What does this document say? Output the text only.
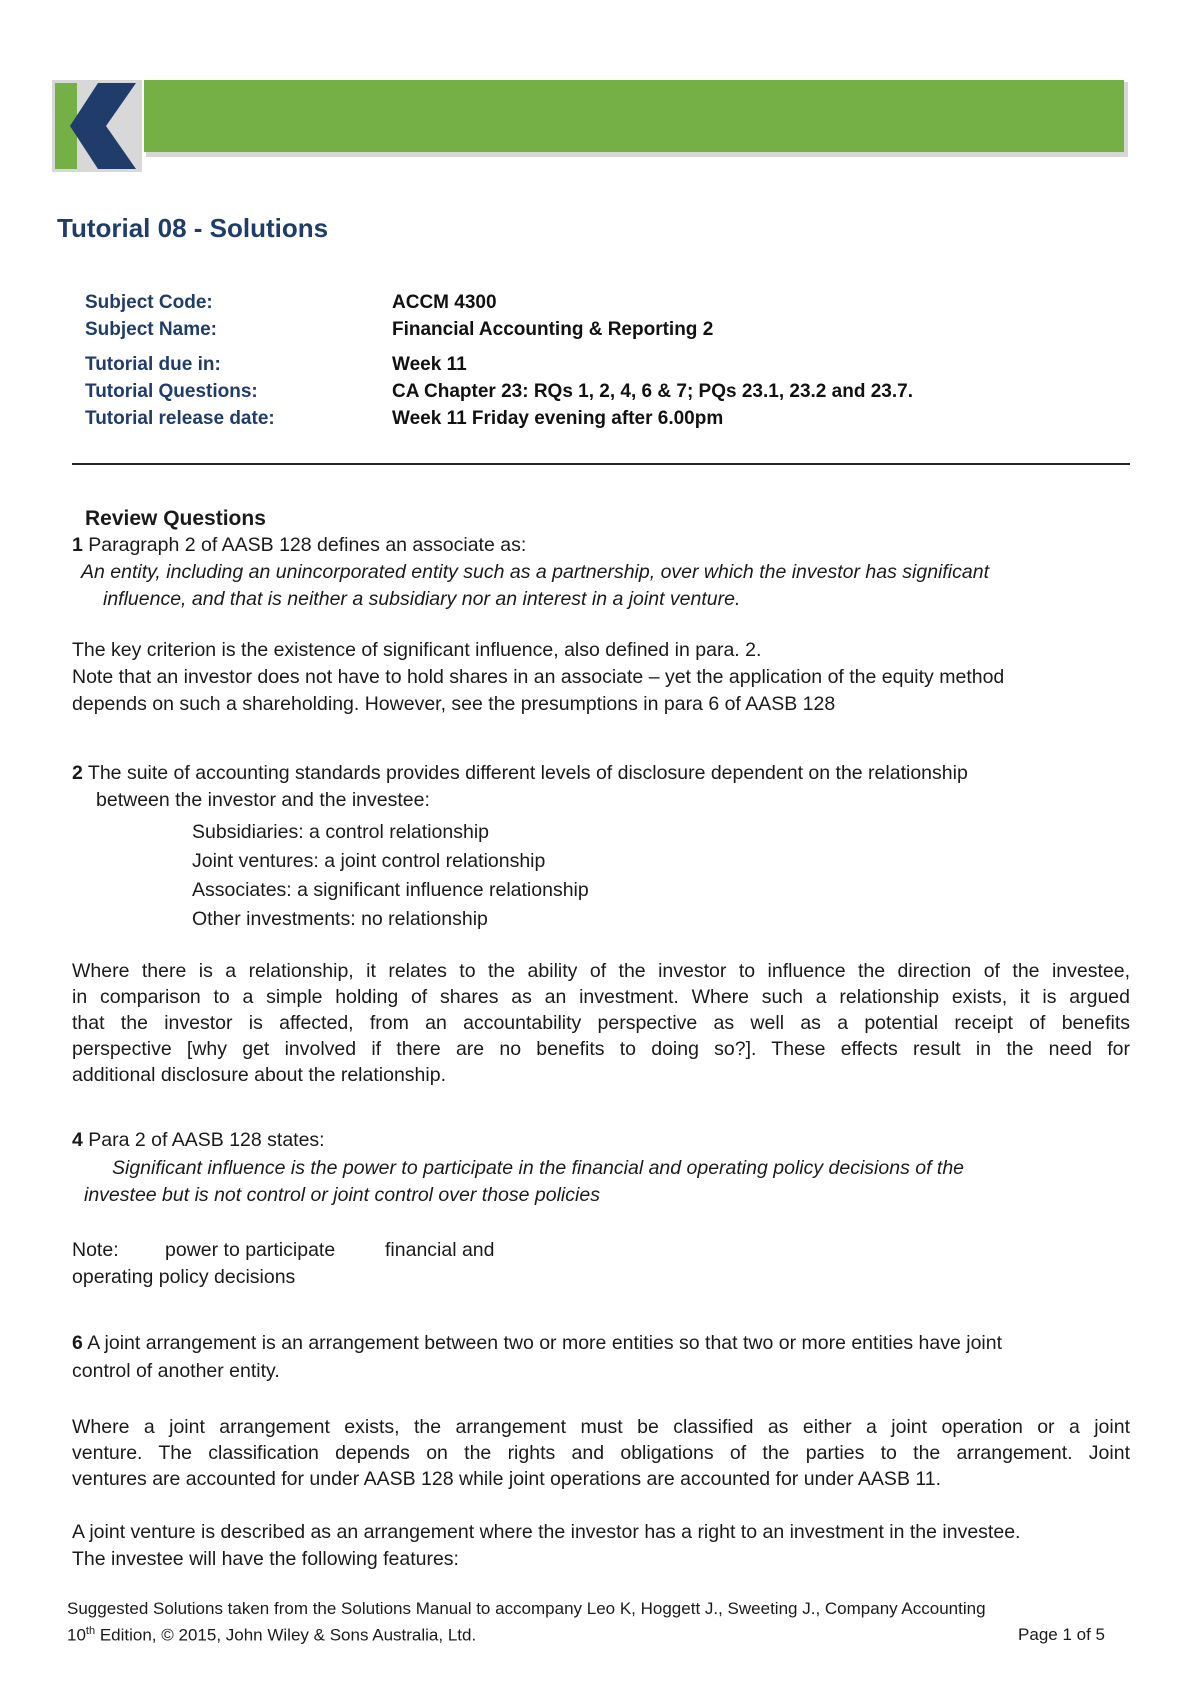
Tutorial 08 - Solutions
Subject Code:	ACCM 4300
Subject Name:	Financial Accounting & Reporting 2
Tutorial due in:	Week 11
Tutorial Questions:	CA Chapter 23: RQs 1, 2, 4, 6 & 7; PQs 23.1, 23.2 and 23.7.
Tutorial release date:	Week 11 Friday evening after 6.00pm
Review Questions
1 Paragraph 2 of AASB 128 defines an associate as:
An entity, including an unincorporated entity such as a partnership, over which the investor has significant
influence, and that is neither a subsidiary nor an interest in a joint venture.
The key criterion is the existence of significant influence, also defined in para. 2.
Note that an investor does not have to hold shares in an associate – yet the application of the equity method
depends on such a shareholding. However, see the presumptions in para 6 of AASB 128
2 The suite of accounting standards provides different levels of disclosure dependent on the relationship
between the investor and the investee:
Subsidiaries: a control relationship
Joint ventures: a joint control relationship
Associates: a significant influence relationship
Other investments: no relationship
Where there is a relationship, it relates to the ability of the investor to influence the direction of the investee,
in comparison to a simple holding of shares as an investment. Where such a relationship exists, it is argued
that the investor is affected, from an accountability perspective as well as a potential receipt of benefits
perspective [why get involved if there are no benefits to doing so?]. These effects result in the need for
additional disclosure about the relationship.
4 Para 2 of AASB 128 states:
Significant influence is the power to participate in the financial and operating policy decisions of the
investee but is not control or joint control over those policies
Note: power to participate	financial and
operating policy decisions
6 A joint arrangement is an arrangement between two or more entities so that two or more entities have joint
control of another entity.
Where a joint arrangement exists, the arrangement must be classified as either a joint operation or a joint
venture. The classification depends on the rights and obligations of the parties to the arrangement. Joint
ventures are accounted for under AASB 128 while joint operations are accounted for under AASB 11.
A joint venture is described as an arrangement where the investor has a right to an investment in the investee.
The investee will have the following features:
Suggested Solutions taken from the Solutions Manual to accompany Leo K, Hoggett J., Sweeting J., Company Accounting
10th Edition, © 2015, John Wiley & Sons Australia, Ltd.	Page 1 of 5
